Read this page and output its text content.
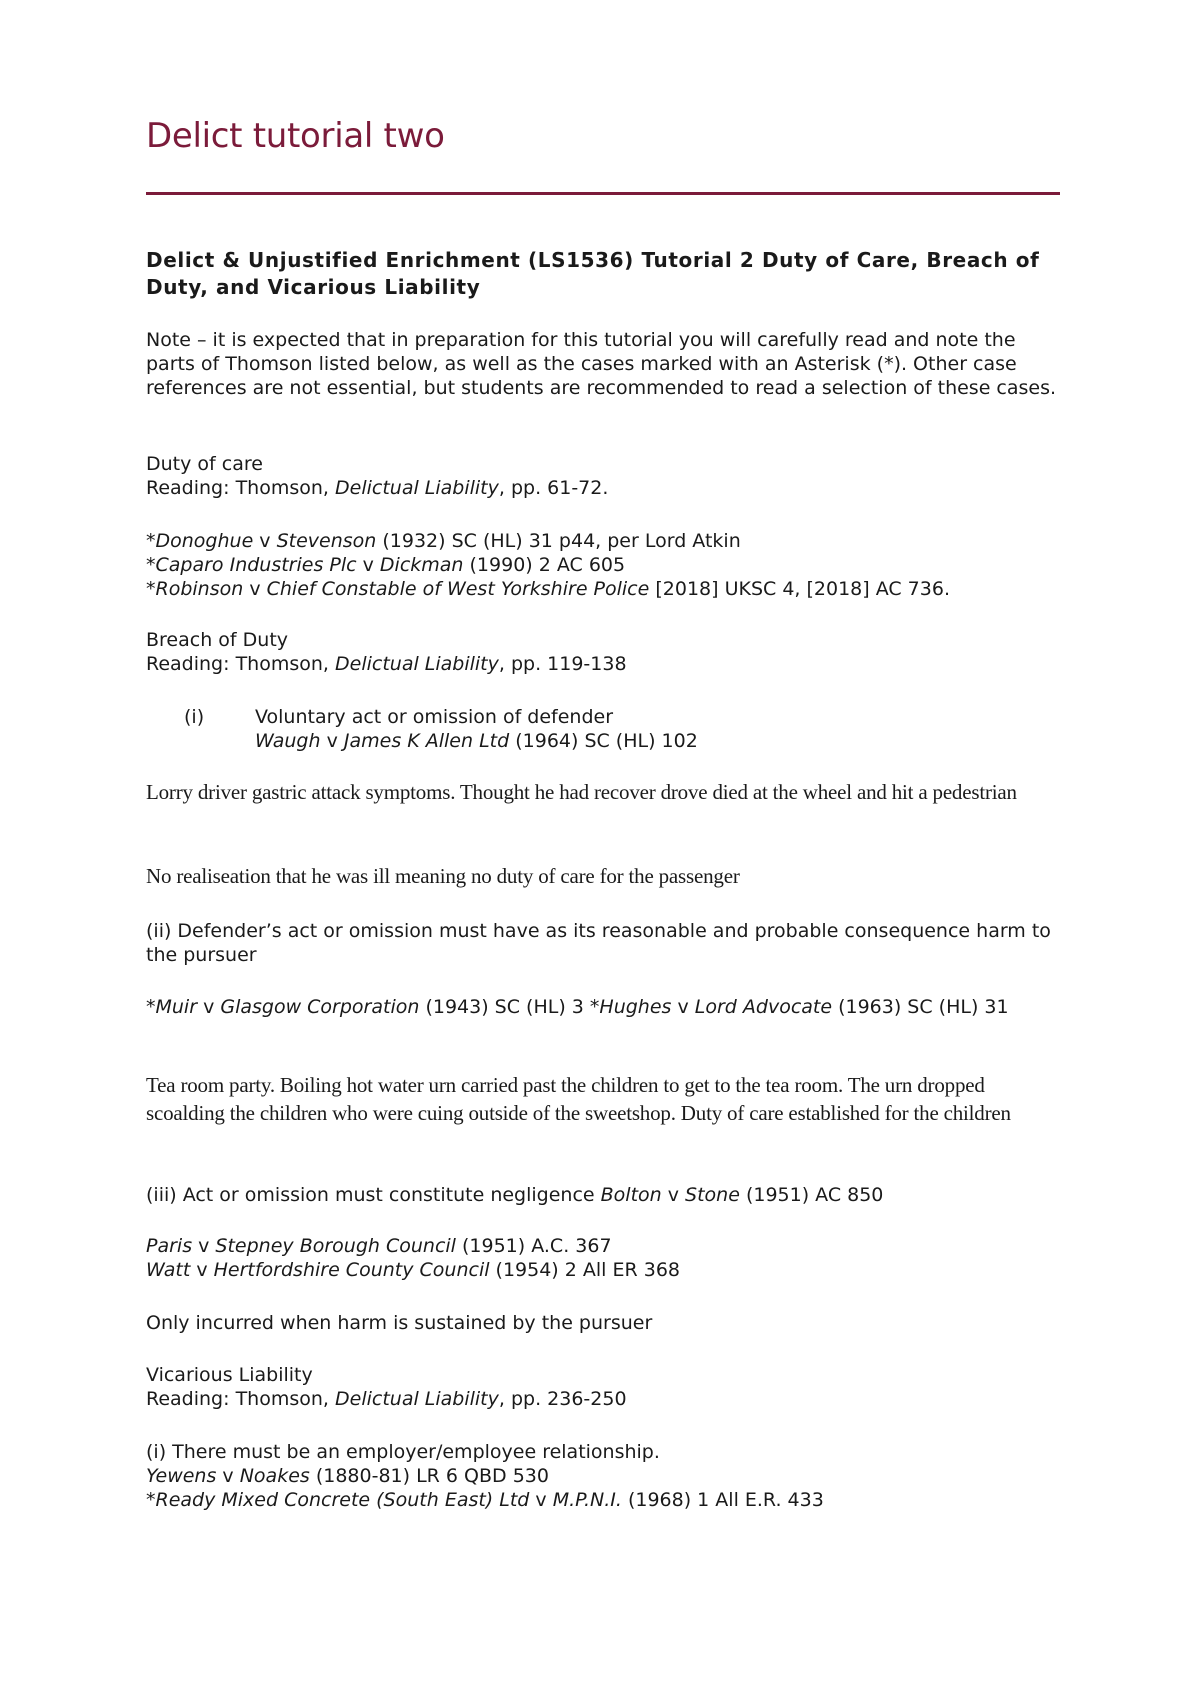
Delict tutorial two

Delict & Unjustified Enrichment (LS1536) Tutorial 2 Duty of Care, Breach of Duty, and Vicarious Liability

Note – it is expected that in preparation for this tutorial you will carefully read and note the parts of Thomson listed below, as well as the cases marked with an Asterisk (*). Other case references are not essential, but students are recommended to read a selection of these cases.

Duty of care

Reading: Thomson, Delictual Liability, pp. 61-72.

*Donoghue v Stevenson (1932) SC (HL) 31 p44, per Lord Atkin

*Caparo Industries Plc v Dickman (1990) 2 AC 605

*Robinson v Chief Constable of West Yorkshire Police [2018] UKSC 4, [2018] AC 736.

Breach of Duty

Reading: Thomson, Delictual Liability, pp. 119-138

(i)	Voluntary act or omission of defender

Waugh v James K Allen Ltd (1964) SC (HL) 102

Lorry driver gastric attack symptoms. Thought he had recover drove died at the wheel and hit a pedestrian

No realiseation that he was ill meaning no duty of care for the passenger

(ii) Defender’s act or omission must have as its reasonable and probable consequence harm to the pursuer

*Muir v Glasgow Corporation (1943) SC (HL) 3 *Hughes v Lord Advocate (1963) SC (HL) 31

Tea room party. Boiling hot water urn carried past the children to get to the tea room. The urn dropped scoalding the children who were cuing outside of the sweetshop. Duty of care established for the children

(iii) Act or omission must constitute negligence Bolton v Stone (1951) AC 850

Paris v Stepney Borough Council (1951) A.C. 367

Watt v Hertfordshire County Council (1954) 2 All ER 368

Only incurred when harm is sustained by the pursuer

Vicarious Liability

Reading: Thomson, Delictual Liability, pp. 236-250

(i) There must be an employer/employee relationship.

Yewens v Noakes (1880-81) LR 6 QBD 530

*Ready Mixed Concrete (South East) Ltd v M.P.N.I. (1968) 1 All E.R. 433
